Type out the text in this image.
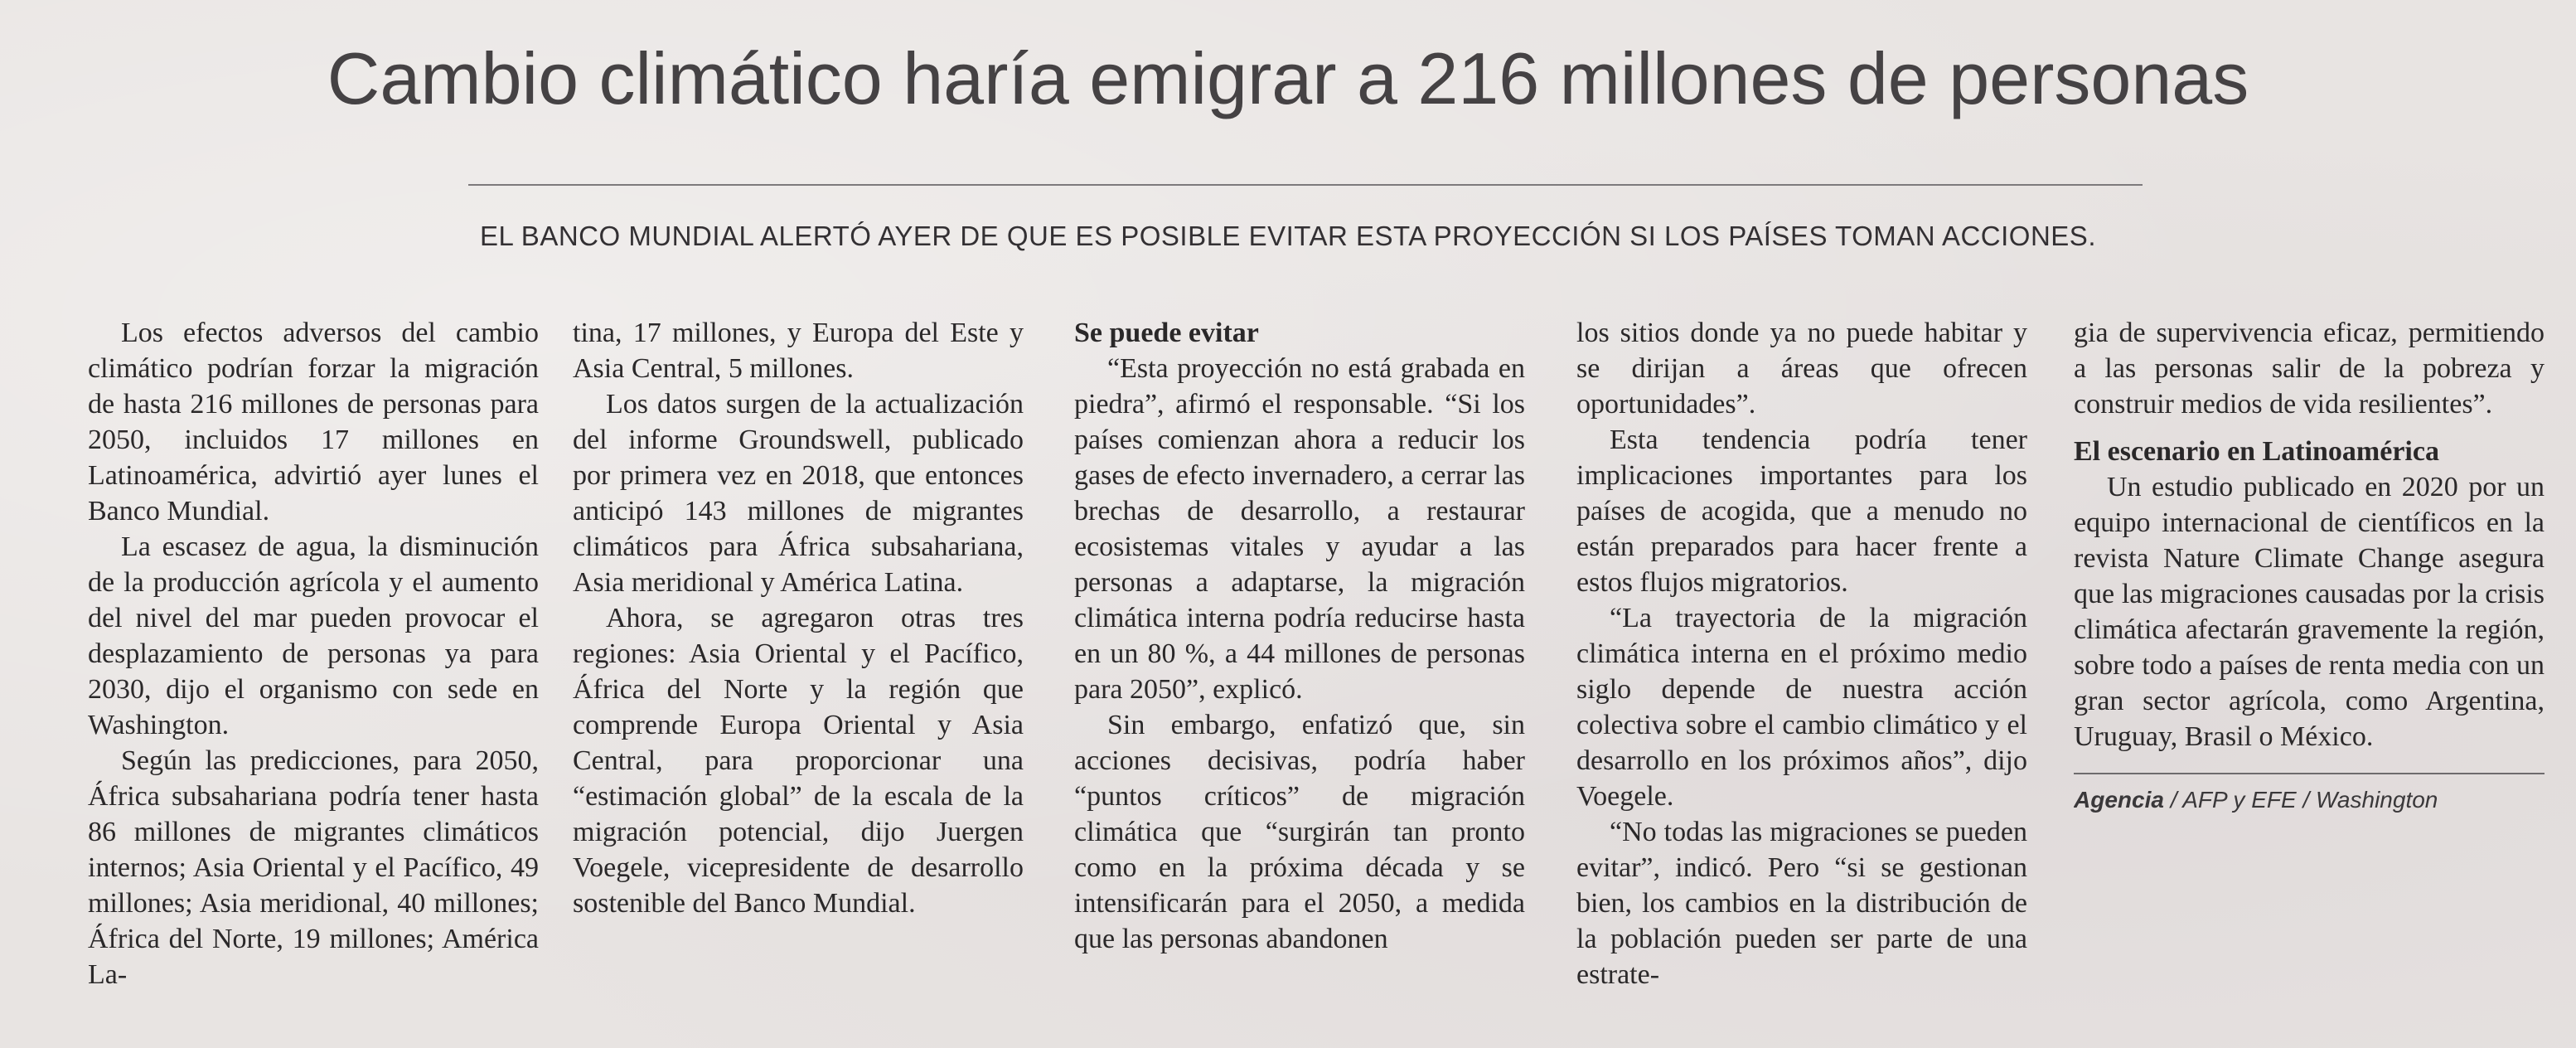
Cambio climático haría emigrar a 216 millones de personas

EL BANCO MUNDIAL ALERTÓ AYER DE QUE ES POSIBLE EVITAR ESTA PROYECCIÓN SI LOS PAÍSES TOMAN ACCIONES.

Los efectos adversos del cambio climático podrían forzar la migración de hasta 216 millones de personas para 2050, incluidos 17 millones en Latinoamérica, advirtió ayer lunes el Banco Mundial.

La escasez de agua, la disminución de la producción agrícola y el aumento del nivel del mar pueden provocar el desplazamiento de personas ya para 2030, dijo el organismo con sede en Washington.

Según las predicciones, para 2050, África subsahariana podría tener hasta 86 millones de migrantes climáticos internos; Asia Oriental y el Pacífico, 49 millones; Asia meridional, 40 millones; África del Norte, 19 millones; América La-

tina, 17 millones, y Europa del Este y Asia Central, 5 millones.

Los datos surgen de la actualización del informe Groundswell, publicado por primera vez en 2018, que entonces anticipó 143 millones de migrantes climáticos para África subsahariana, Asia meridional y América Latina.

Ahora, se agregaron otras tres regiones: Asia Oriental y el Pacífico, África del Norte y la región que comprende Europa Oriental y Asia Central, para proporcionar una “estimación global” de la escala de la migración potencial, dijo Juergen Voegele, vicepresidente de desarrollo sostenible del Banco Mundial.

Se puede evitar

“Esta proyección no está grabada en piedra”, afirmó el responsable. “Si los países comienzan ahora a reducir los gases de efecto invernadero, a cerrar las brechas de desarrollo, a restaurar ecosistemas vitales y ayudar a las personas a adaptarse, la migración climática interna podría reducirse hasta en un 80 %, a 44 millones de personas para 2050”, explicó.

Sin embargo, enfatizó que, sin acciones decisivas, podría haber “puntos críticos” de migración climática que “surgirán tan pronto como en la próxima década y se intensificarán para el 2050, a medida que las personas abandonen

los sitios donde ya no puede habitar y se dirijan a áreas que ofrecen oportunidades”.

Esta tendencia podría tener implicaciones importantes para los países de acogida, que a menudo no están preparados para hacer frente a estos flujos migratorios.

“La trayectoria de la migración climática interna en el próximo medio siglo depende de nuestra acción colectiva sobre el cambio climático y el desarrollo en los próximos años”, dijo Voegele.

“No todas las migraciones se pueden evitar”, indicó. Pero “si se gestionan bien, los cambios en la distribución de la población pueden ser parte de una estrate-

gia de supervivencia eficaz, permitiendo a las personas salir de la pobreza y construir medios de vida resilientes”.

El escenario en Latinoamérica

Un estudio publicado en 2020 por un equipo internacional de científicos en la revista Nature Climate Change asegura que las migraciones causadas por la crisis climática afectarán gravemente la región, sobre todo a países de renta media con un gran sector agrícola, como Argentina, Uruguay, Brasil o México.

Agencia / AFP y EFE / Washington
